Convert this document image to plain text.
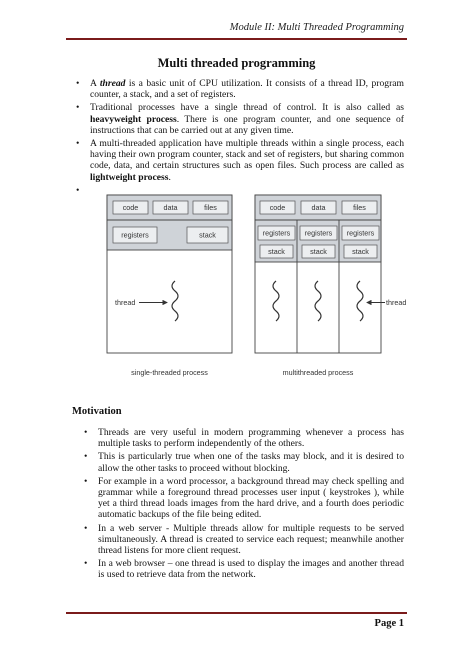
Module II: Multi Threaded Programming
Multi threaded programming
• A thread is a basic unit of CPU utilization. It consists of a thread ID, program counter, a stack, and a set of registers.
• Traditional processes have a single thread of control. It is also called as heavyweight process. There is one program counter, and one sequence of instructions that can be carried out at any given time.
• A multi-threaded application have multiple threads within a single process, each having their own program counter, stack and set of registers, but sharing common code, data, and certain structures such as open files. Such process are called as lightweight process.
•
code	data	files
registers	stack
thread
single-threaded process
code	data	files
registers registers registers
stack	stack	stack
multithreaded process
thread
Motivation
• Threads are very useful in modern programming whenever a process has multiple tasks to perform independently of the others.
• This is particularly true when one of the tasks may block, and it is desired to allow the other tasks to proceed without blocking.
• For example in a word processor, a background thread may check spelling and grammar while a foreground thread processes user input ( keystrokes ), while yet a third thread loads images from the hard drive, and a fourth does periodic automatic backups of the file being edited.
• In a web server - Multiple threads allow for multiple requests to be served simultaneously. A thread is created to service each request; meanwhile another thread listens for more client request.
• In a web browser – one thread is used to display the images and another thread is used to retrieve data from the network.
Page 1
